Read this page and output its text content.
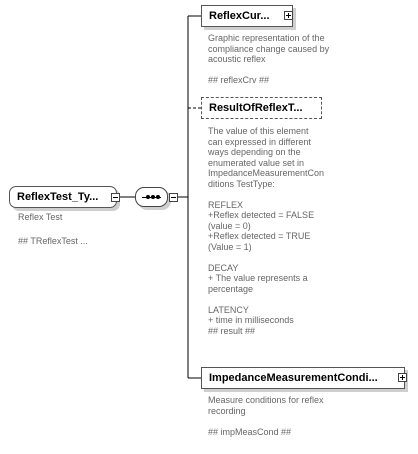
ReflexTest_Ty...

Reflex Test

## TReflexTest ...

ReflexCur...

Graphic representation of the
compliance change caused by
acoustic reflex

## reflexCrv ##

ResultOfReflexT...

The value of this element
can expressed in different
ways depending on the
enumerated value set in
ImpedanceMeasurementCon
ditions TestType:

REFLEX
+Reflex detected = FALSE
(value = 0)
+Reflex detected = TRUE
(Value = 1)

DECAY
+ The value represents a
percentage

LATENCY
+ time in milliseconds
## result ##

ImpedanceMeasurementCondi...

Measure conditions for reflex
recording

## impMeasCond ##
